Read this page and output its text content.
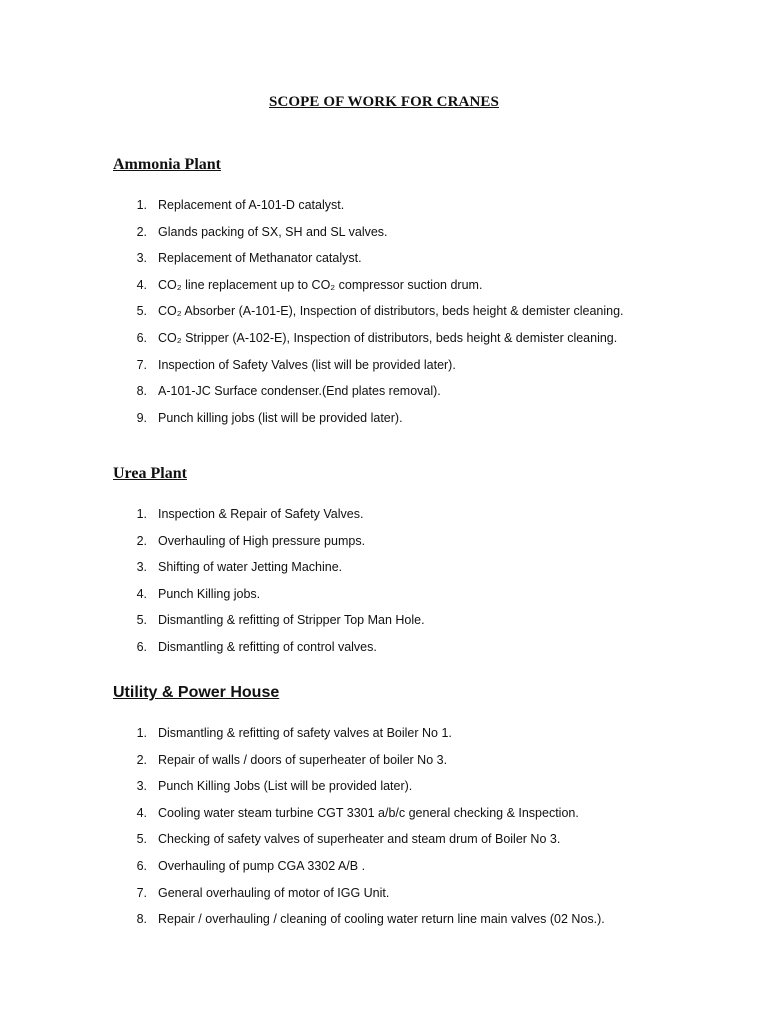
SCOPE OF WORK FOR CRANES
Ammonia Plant
1. Replacement of A-101-D catalyst.
2. Glands packing of SX, SH and SL valves.
3. Replacement of Methanator catalyst.
4. CO₂ line replacement up to CO₂ compressor suction drum.
5. CO₂ Absorber (A-101-E), Inspection of distributors, beds height & demister cleaning.
6. CO₂ Stripper (A-102-E), Inspection of distributors, beds height & demister cleaning.
7. Inspection of Safety Valves (list will be provided later).
8. A-101-JC Surface condenser.(End plates removal).
9. Punch killing jobs (list will be provided later).
Urea Plant
1. Inspection & Repair of Safety Valves.
2. Overhauling of High pressure pumps.
3. Shifting of water Jetting Machine.
4. Punch Killing jobs.
5. Dismantling & refitting of Stripper Top Man Hole.
6. Dismantling & refitting of control valves.
Utility & Power House
1. Dismantling & refitting of safety valves at Boiler No 1.
2. Repair of walls / doors of superheater of boiler No 3.
3. Punch Killing Jobs (List will be provided later).
4. Cooling water steam turbine CGT 3301 a/b/c general checking & Inspection.
5. Checking of safety valves of superheater and steam drum of Boiler No 3.
6. Overhauling of pump CGA 3302 A/B .
7. General overhauling of motor of IGG Unit.
8. Repair / overhauling / cleaning of cooling water return line main valves (02 Nos.).
